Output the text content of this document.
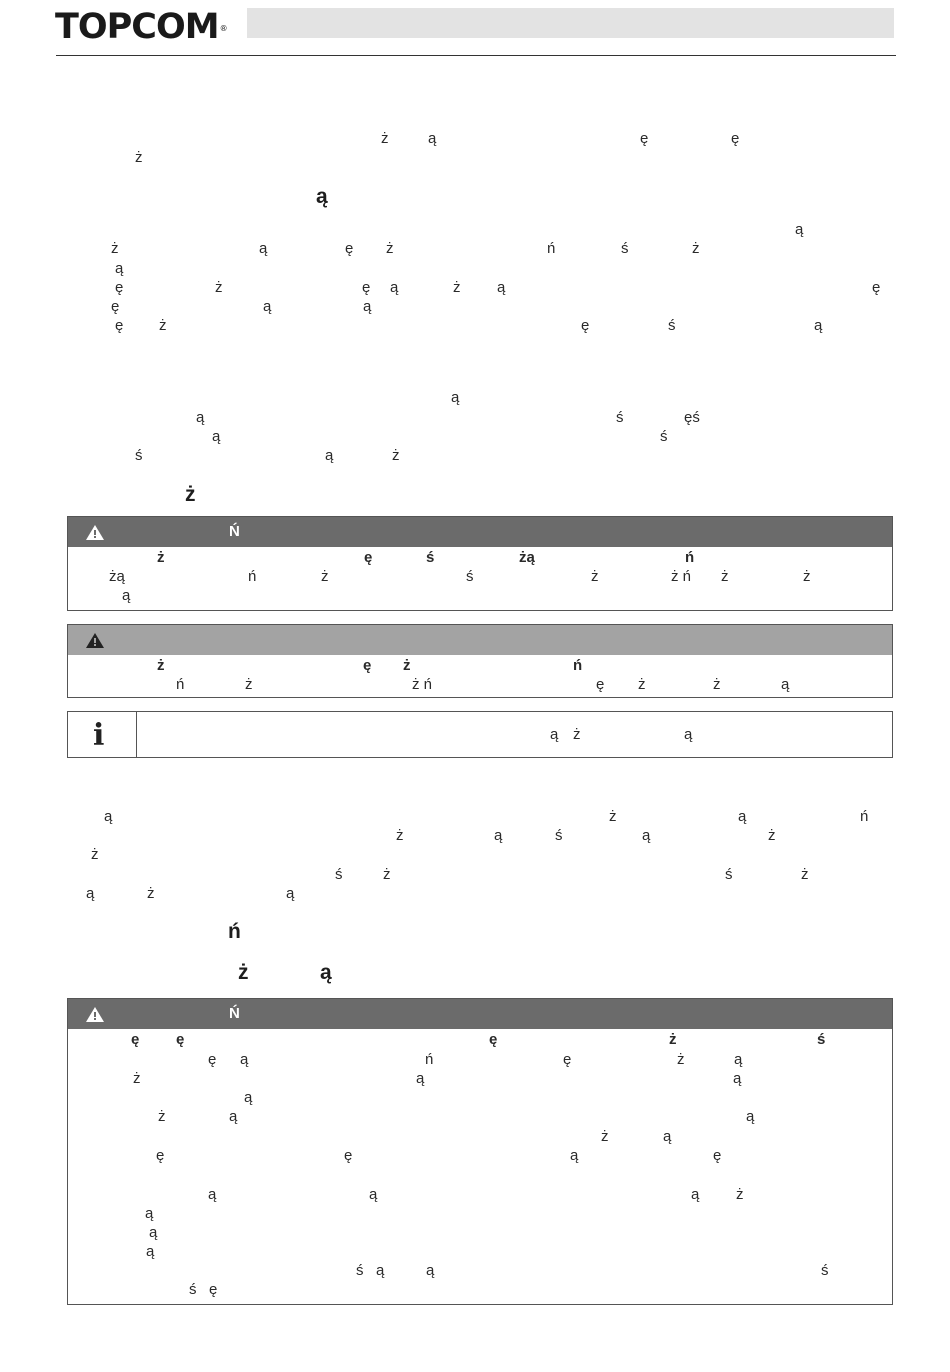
TOPCOM®
ż	ą	ę	ę
ż
ą
ą
ż	ą	ę ż	ń	ś	ż
ą
ę	ż	ę ą	ż ą	ę
ę	ą	ą
ę ż	ę	ś	ą
ą
ą	ś	ęś
ą	ś
ś	ą	ż
ż
Ń
ż	ę	ś	żą	ń
żą	ń	ż	ś	ż	ż ń ż	ż
ą
ż	ę ż	ń
ń	ż	ż ń	ę ż	ż	ą
i	ą ż	ą
ą	ż	ą	ń
ż	ą	ś	ą	ż
ż
ś	ż	ś	ż
ą	ż	ą
ń
ż	ą
Ń
ę ę	ę	ż	ś
ę ą	ń	ę	ż	ą
ż	ą	ą
ą
ż	ą	ą
ż	ą
ę	ę	ą	ę
ą	ą	ą ż
ą
ą
ą
ś ą	ą	ś
ś ę
